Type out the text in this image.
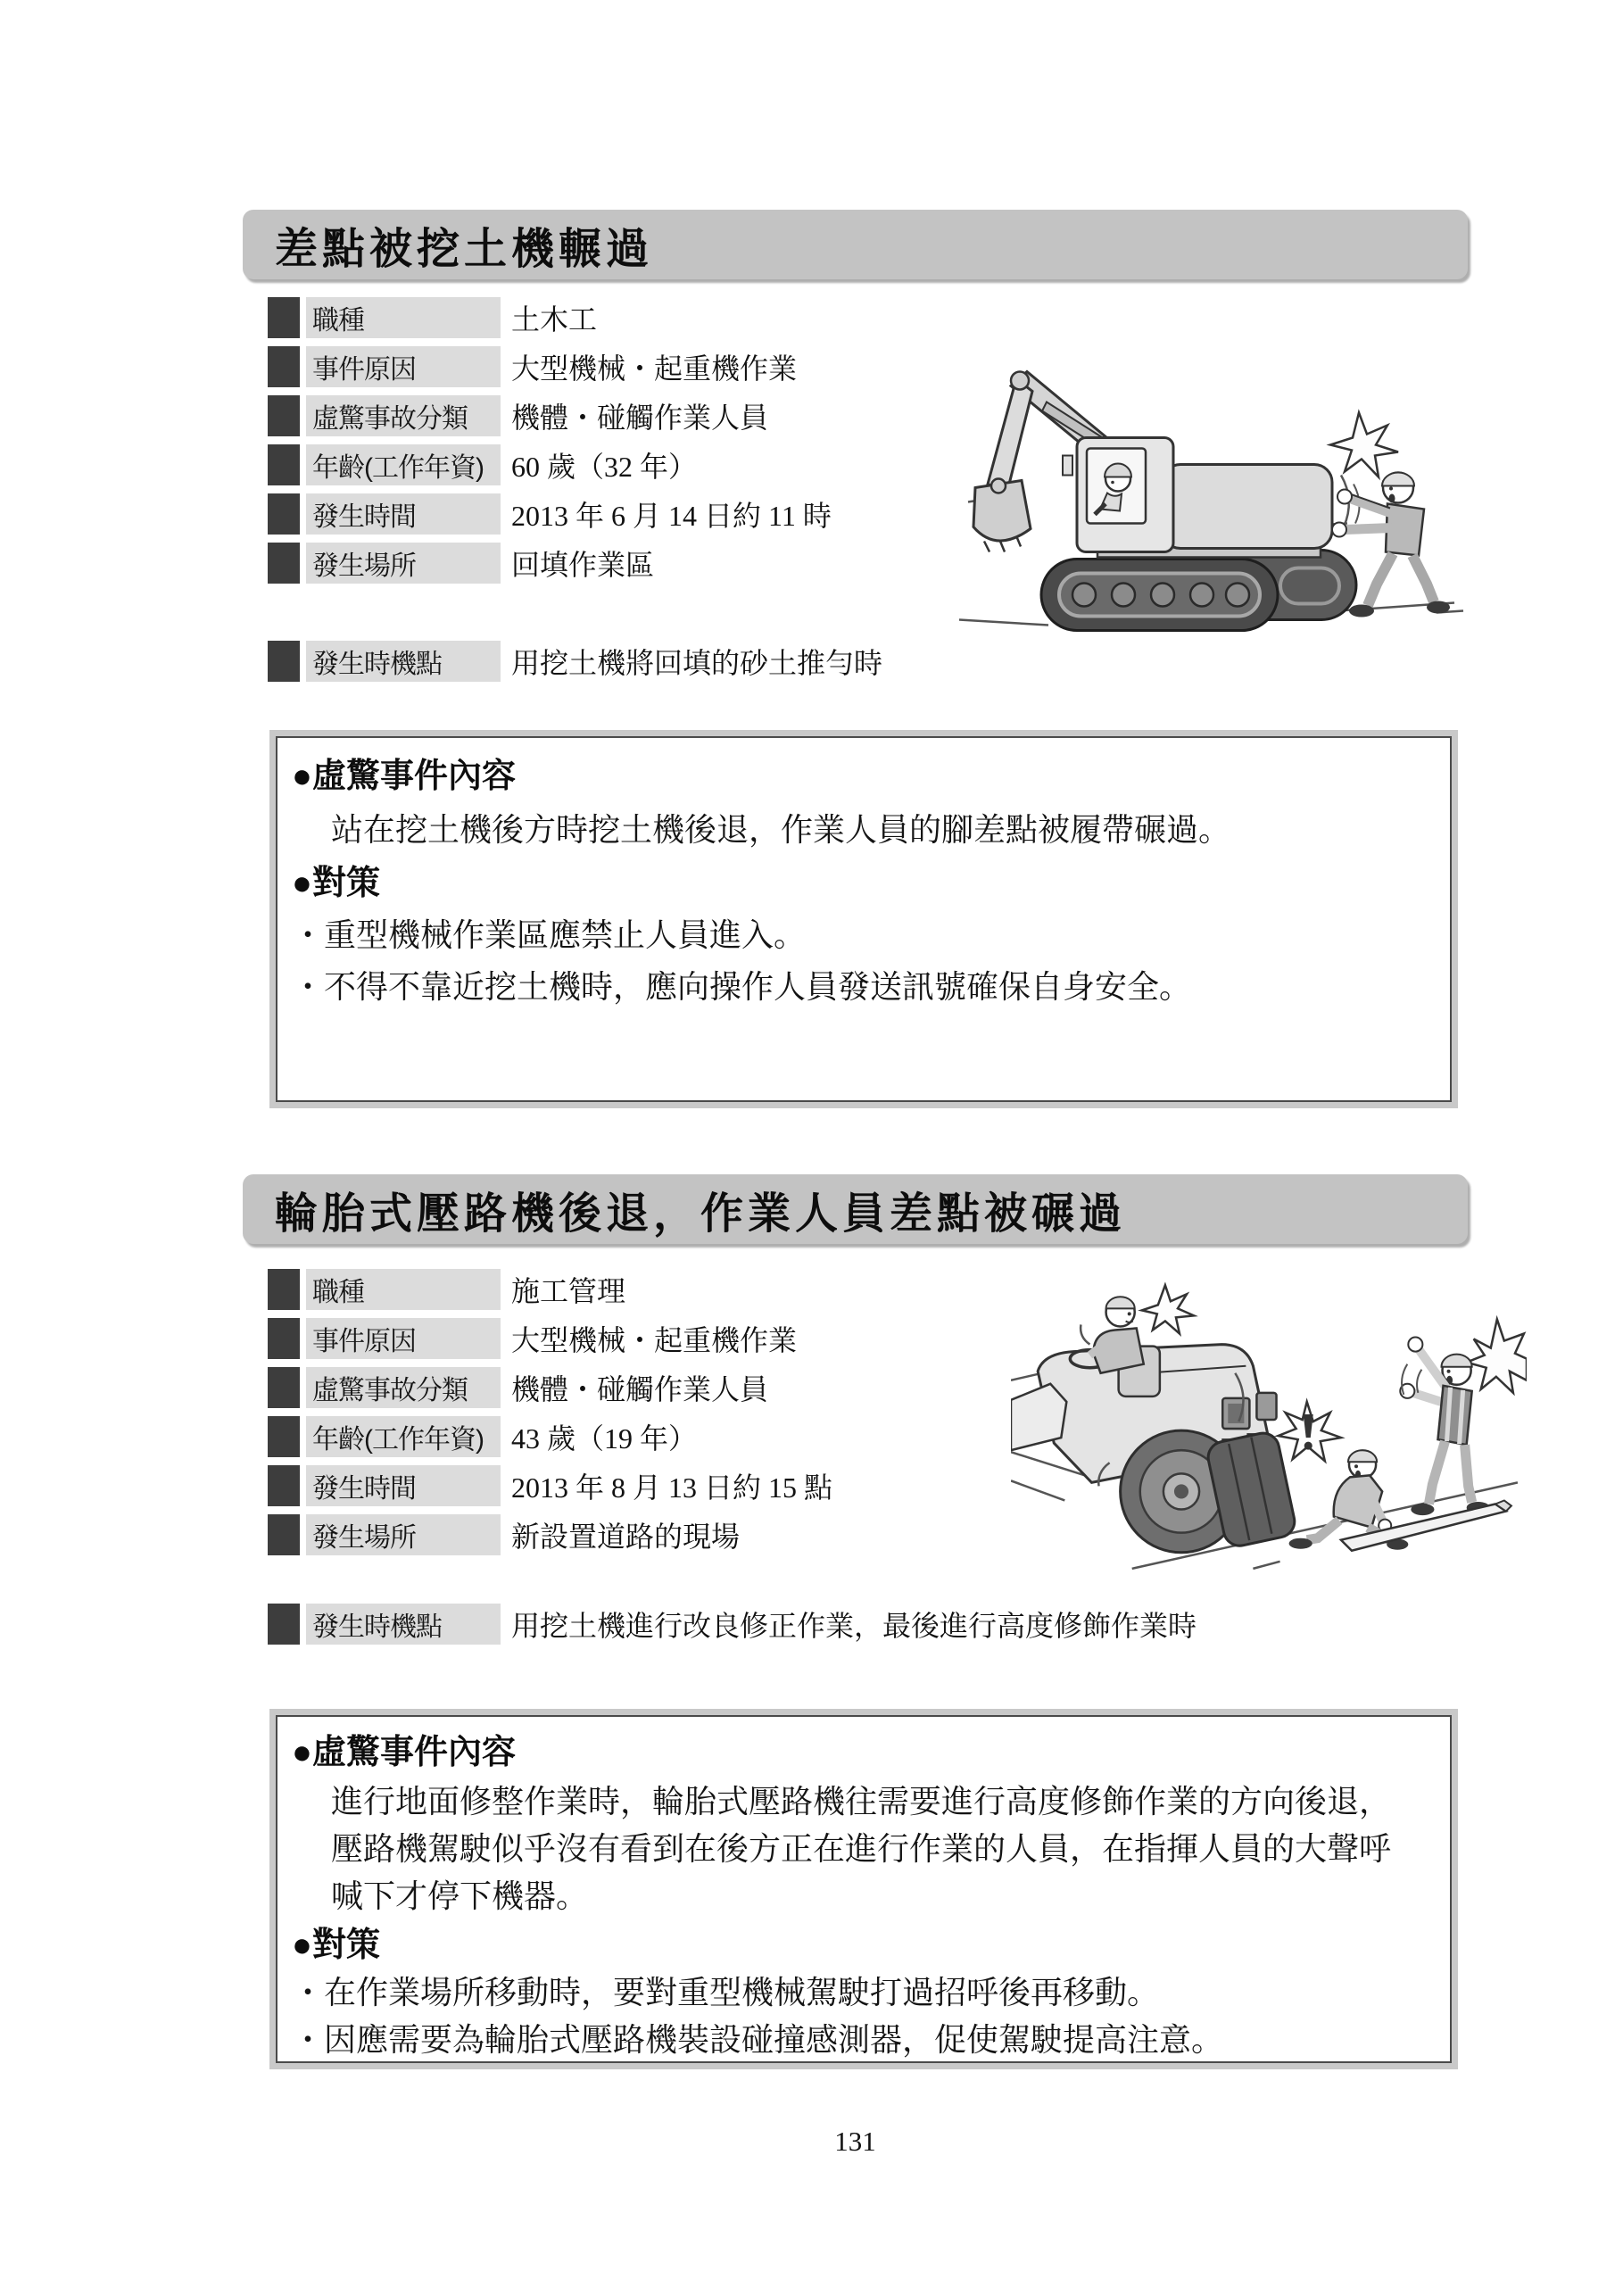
差點被挖土機輾過
職種	土木工
事件原因	大型機械・起重機作業
虛驚事故分類	機體・碰觸作業人員
年齡(工作年資) 60 歲（32 年）
發生時間	2013 年 6 月 14 日約 11 時
發生場所	回填作業區
發生時機點	用挖土機將回填的砂土推勻時
●虛驚事件內容
站在挖土機後方時挖土機後退，作業人員的腳差點被履帶碾過。
●對策
・重型機械作業區應禁止人員進入。
・不得不靠近挖土機時，應向操作人員發送訊號確保自身安全。
輪胎式壓路機後退，作業人員差點被碾過
職種	施工管理
事件原因	大型機械・起重機作業
虛驚事故分類	機體・碰觸作業人員
年齡(工作年資) 43 歲（19 年）
發生時間	2013 年 8 月 13 日約 15 點
發生場所	新設置道路的現場
發生時機點	用挖土機進行改良修正作業，最後進行高度修飾作業時
●虛驚事件內容
進行地面修整作業時，輪胎式壓路機往需要進行高度修飾作業的方向後退，壓路機駕駛似乎沒有看到在後方正在進行作業的人員，在指揮人員的大聲呼喊下才停下機器。
●對策
・在作業場所移動時，要對重型機械駕駛打過招呼後再移動。
・因應需要為輪胎式壓路機裝設碰撞感測器，促使駕駛提高注意。
131
